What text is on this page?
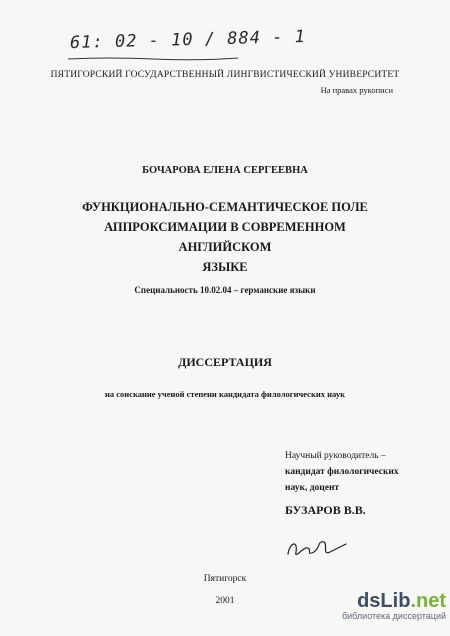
61: 02 - 10 / 884 - 1
ПЯТИГОРСКИЙ ГОСУДАРСТВЕННЫЙ ЛИНГВИСТИЧЕСКИЙ УНИВЕРСИТЕТ
На правах рукописи
БОЧАРОВА ЕЛЕНА СЕРГЕЕВНА
ФУНКЦИОНАЛЬНО-СЕМАНТИЧЕСКОЕ ПОЛЕ
АППРОКСИМАЦИИ В СОВРЕМЕННОМ АНГЛИЙСКОМ
ЯЗЫКЕ
Специальность 10.02.04 – германские языки
ДИССЕРТАЦИЯ
на соискание ученой степени кандидата филологических наук
Научный руководитель –
кандидат филологических
наук, доцент
БУЗАРОВ В.В.
Пятигорск
2001	dsLib.net
библиотека диссертаций
